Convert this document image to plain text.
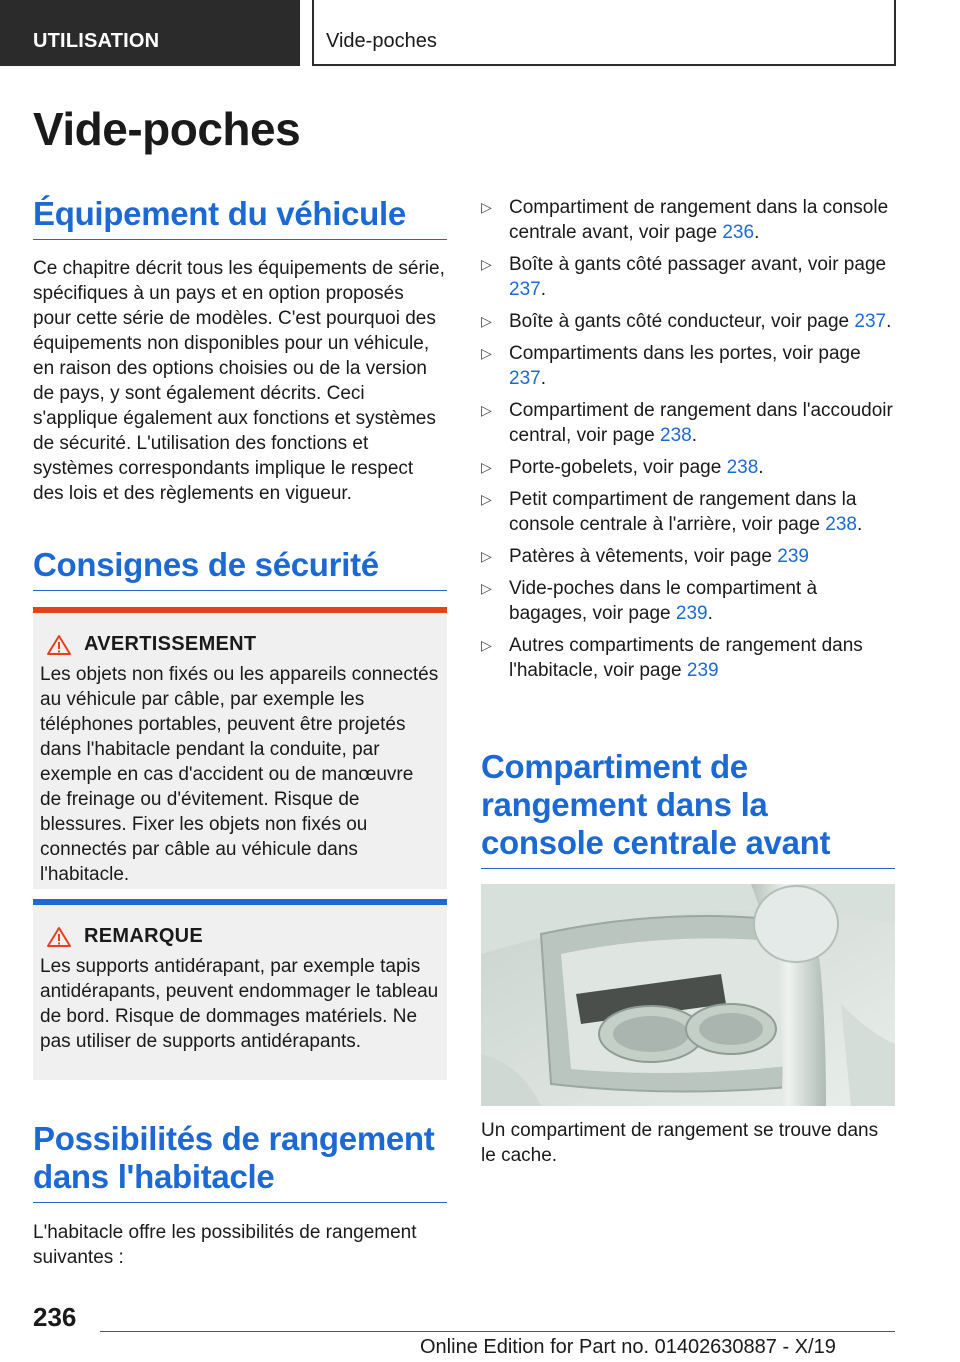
UTILISATION	Vide-poches
Vide-poches
Équipement du véhicule

Ce chapitre décrit tous les équipements de série, spécifiques à un pays et en option proposés pour cette série de modèles. C'est pourquoi des équipements non disponibles pour un véhicule, en raison des options choisies ou de la version de pays, y sont également décrits. Ceci s'applique également aux fonctions et systèmes de sécurité. L'utilisation des fonctions et systèmes correspondants implique le respect des lois et des règlements en vigueur.

Consignes de sécurité
AVERTISSEMENT

Les objets non fixés ou les appareils connectés au véhicule par câble, par exemple les téléphones portables, peuvent être projetés dans l'habitacle pendant la conduite, par exemple en cas d'accident ou de manœuvre de freinage ou d'évitement. Risque de blessures. Fixer les objets non fixés ou connectés par câble au véhicule dans l'habitacle.

REMARQUE

Les supports antidérapant, par exemple tapis antidérapants, peuvent endommager le tableau de bord. Risque de dommages matériels. Ne pas utiliser de supports antidérapants.

Possibilités de rangement dans l'habitacle

L'habitacle offre les possibilités de rangement suivantes :

▷ Compartiment de rangement dans la console centrale avant, voir page 236.
▷ Boîte à gants côté passager avant, voir page 237.
▷ Boîte à gants côté conducteur, voir page 237.
▷ Compartiments dans les portes, voir page 237.
▷ Compartiment de rangement dans l'accoudoir central, voir page 238.
▷ Porte-gobelets, voir page 238.
▷ Petit compartiment de rangement dans la console centrale à l'arrière, voir page 238.
▷ Patères à vêtements, voir page 239
▷ Vide-poches dans le compartiment à bagages, voir page 239.
▷ Autres compartiments de rangement dans l'habitacle, voir page 239
Compartiment de rangement dans la console centrale avant

Un compartiment de rangement se trouve dans le cache.

236
Online Edition for Part no. 01402630887 - X/19
